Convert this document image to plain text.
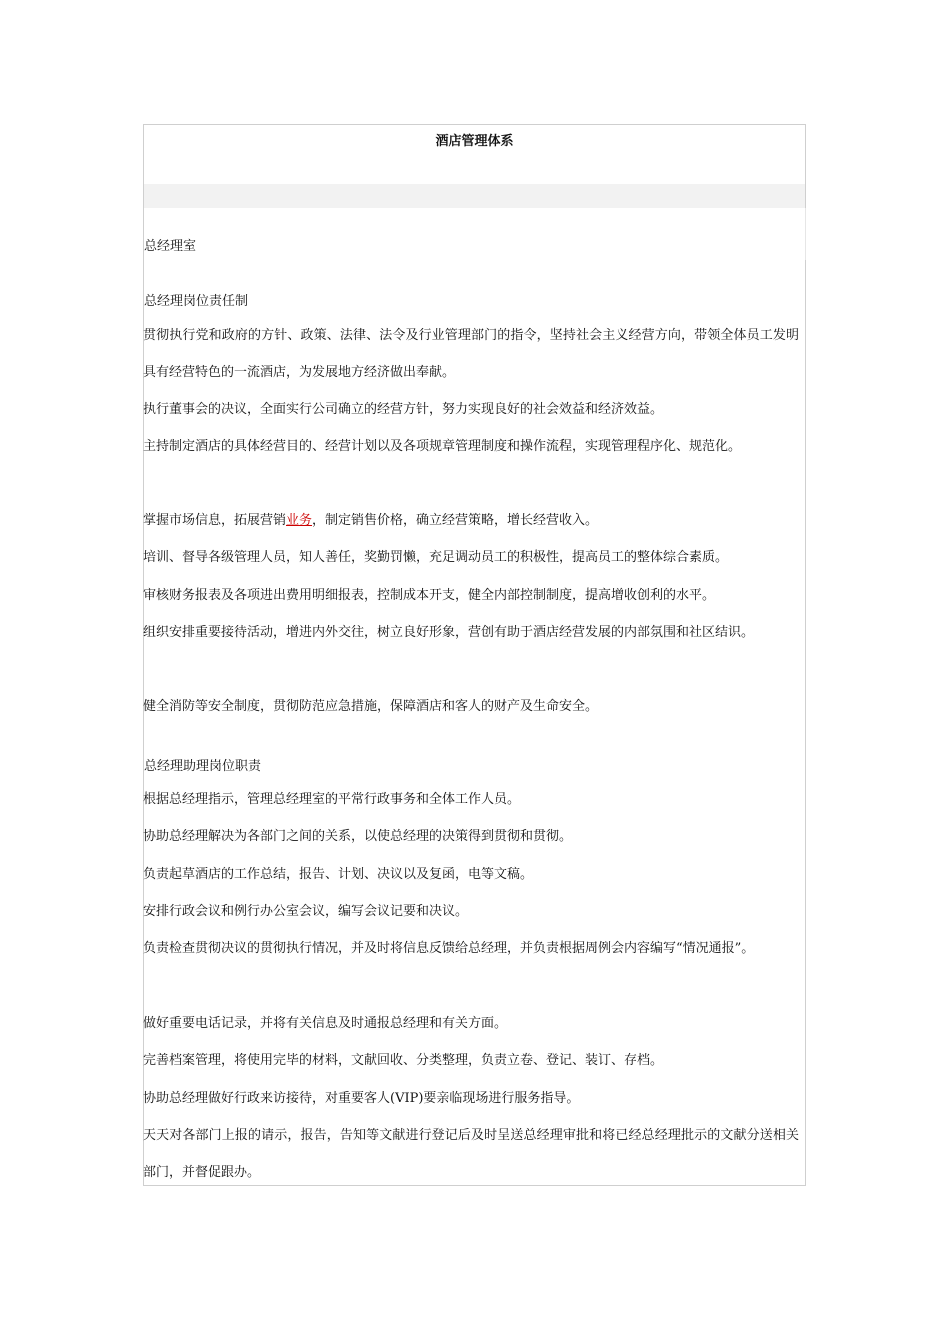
酒店管理体系
总经理室
总经理岗位责任制
贯彻执行党和政府的方针、政策、法律、法令及行业管理部门的指令，坚持社会主义经营方向，带领全体员工发明具有经营特色的一流酒店，为发展地方经济做出奉献。
执行董事会的决议，全面实行公司确立的经营方针，努力实现良好的社会效益和经济效益。
主持制定酒店的具体经营目的、经营计划以及各项规章管理制度和操作流程，实现管理程序化、规范化。
掌握市场信息，拓展营销业务，制定销售价格，确立经营策略，增长经营收入。
培训、督导各级管理人员，知人善任，奖勤罚懒，充足调动员工的积极性，提高员工的整体综合素质。
审核财务报表及各项进出费用明细报表，控制成本开支，健全内部控制制度，提高增收创利的水平。
组织安排重要接待活动，增进内外交往，树立良好形象，营创有助于酒店经营发展的内部氛围和社区结识。
健全消防等安全制度，贯彻防范应急措施，保障酒店和客人的财产及生命安全。
总经理助理岗位职责
根据总经理指示，管理总经理室的平常行政事务和全体工作人员。
协助总经理解决为各部门之间的关系，以使总经理的决策得到贯彻和贯彻。
负责起草酒店的工作总结，报告、计划、决议以及复函，电等文稿。
安排行政会议和例行办公室会议，编写会议记要和决议。
负责检查贯彻决议的贯彻执行情况，并及时将信息反馈给总经理，并负责根据周例会内容编写“情况通报”。
做好重要电话记录，并将有关信息及时通报总经理和有关方面。
完善档案管理，将使用完毕的材料，文献回收、分类整理，负责立卷、登记、装订、存档。
协助总经理做好行政来访接待，对重要客人(VIP)要亲临现场进行服务指导。
天天对各部门上报的请示，报告，告知等文献进行登记后及时呈送总经理审批和将已经总经理批示的文献分送相关部门，并督促跟办。
